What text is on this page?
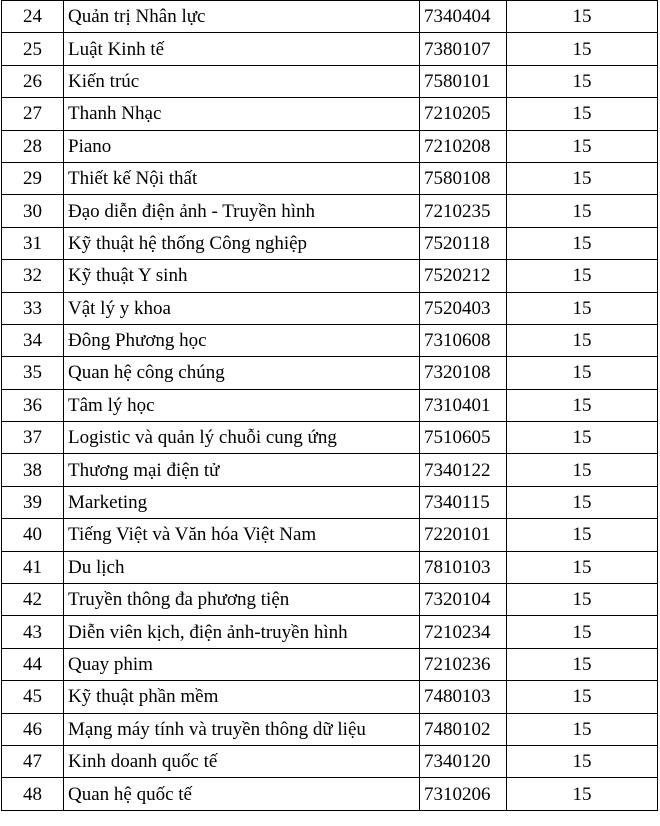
24	Quản trị Nhân lực	7340404	15
25	Luật Kinh tế	7380107	15
26	Kiến trúc	7580101	15
27	Thanh Nhạc	7210205	15
28	Piano	7210208	15
29	Thiết kế Nội thất	7580108	15
30	Đạo diễn điện ảnh - Truyền hình	7210235	15
31	Kỹ thuật hệ thống Công nghiệp	7520118	15
32	Kỹ thuật Y sinh	7520212	15
33	Vật lý y khoa	7520403	15
34	Đông Phương học	7310608	15
35	Quan hệ công chúng	7320108	15
36	Tâm lý học	7310401	15
37	Logistic và quản lý chuỗi cung ứng	7510605	15
38	Thương mại điện tử	7340122	15
39	Marketing	7340115	15
40	Tiếng Việt và Văn hóa Việt Nam	7220101	15
41	Du lịch	7810103	15
42	Truyền thông đa phương tiện	7320104	15
43	Diễn viên kịch, điện ảnh-truyền hình	7210234	15
44	Quay phim	7210236	15
45	Kỹ thuật phần mềm	7480103	15
46	Mạng máy tính và truyền thông dữ liệu	7480102	15
47	Kinh doanh quốc tế	7340120	15
48	Quan hệ quốc tế	7310206	15
